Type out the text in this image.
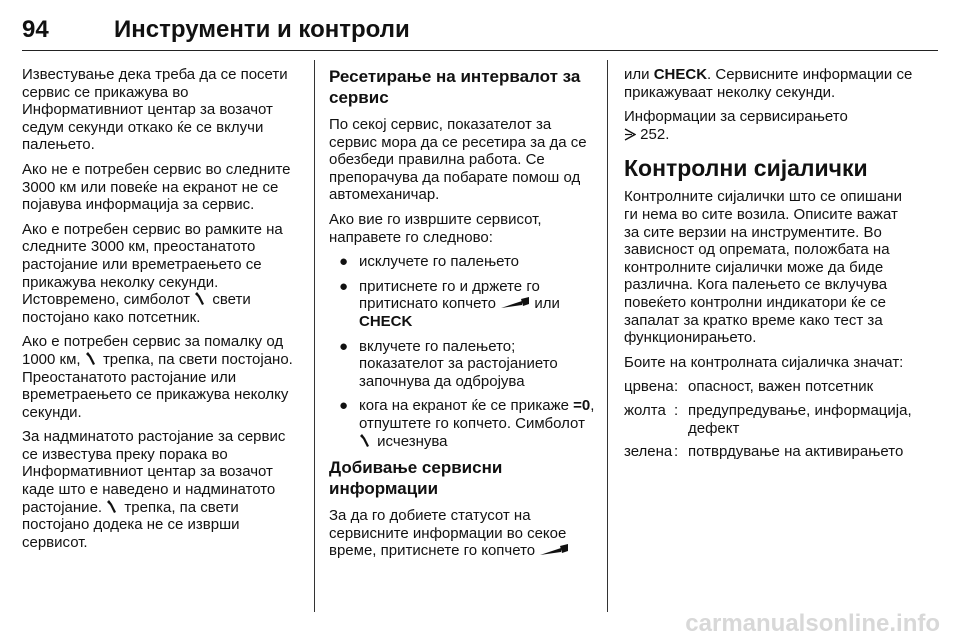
94	Инструменти и контроли

Известувањe дека треба да се посети сервис се прикажува во Информативниот центар за возачот седум секунди откако ќе се вклучи палењето.

Ако не е потребен сервис во следните 3000 км или повеќе на екранот не се појавува информација за сервис.

Ако е потребен сервис во рамките на следните 3000 км, преостанатото растојание или времетраењето се прикажува неколку секунди. Истовремено, симболот свети постојано како потсетник.

Ако е потребен сервис за помалку од 1000 км, трепка, па свети постојано. Преостанатото растојание или времетраењето се прикажува неколку секунди.

За надминатото растојание за сервис се известува преку порака во Информативниот центар за возачот каде што е наведено и надминатото растојание. трепка, па свети постојано додека не се изврши сервисот.

Ресетирање на интервалот за сервис

По секој сервис, показателот за сервис мора да се ресетира за да се обезбеди правилна работа. Се препорачува да побарате помош од автомеханичар.

Ако вие го извршите сервисот, направете го следново:

● исклучете го палењето
● притиснете го и држете го притиснато копчето	или
CHECK
● вклучете го палењето; показателот за растојанието започнува да одбројува
● кога на екранот ќе се прикаже =0, отпуштете го копчето. Симболот  исчезнува
Добивање сервисни информации

За да го добиете статусот на сервисните информации во секое време, притиснете го копчето

или CHECK. Сервисните информации се прикажуваат неколку секунди.

Информации за сервисирањето
252.

Контролни сијалички

Контролните сијалички што се опишани ги нема во сите возила. Описите важат за сите верзии на инструментите. Во зависност од опремата, положбата на контролните сијалички може да биде различна. Кога палењето се вклучува повеќето контролни индикатори ќе се запалат за кратко време како тест за функционирањето.

Боите на контролната сијаличка значат:

црвена	:	опасност, важен потсетник
жолта	:	предупредување, информација, дефект
зелена	:	потврдување на активирањето
carmanualsonline.info
